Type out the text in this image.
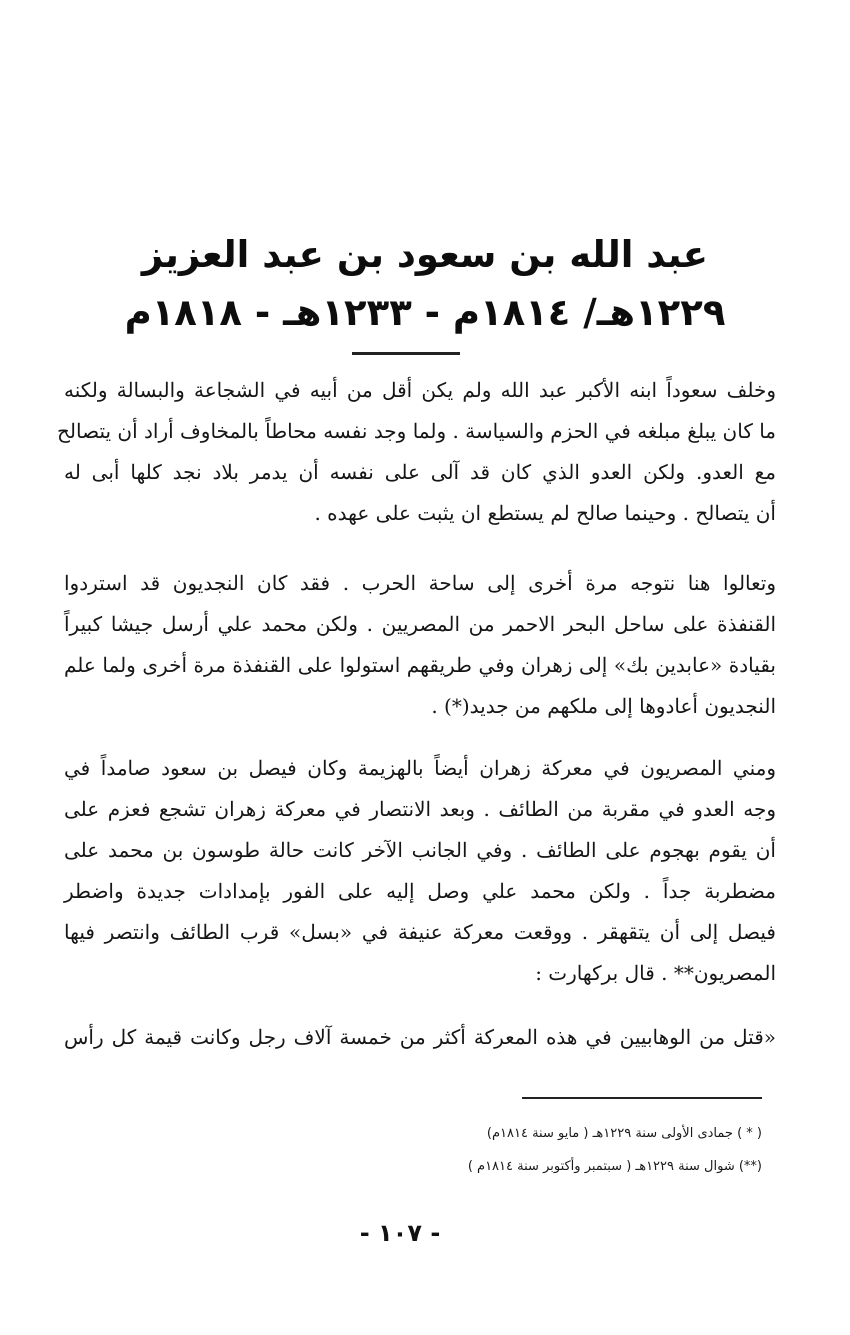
عبد الله بن سعود بن عبد العزيز
١٢٢٩هـ/ ١٨١٤م - ١٢٣٣هـ - ١٨١٨م
وخلف سعوداً ابنه الأكبر عبد الله ولم يكن أقل من أبيه في الشجاعة والبسالة ولكنه
ما كان يبلغ مبلغه في الحزم والسياسة . ولما وجد نفسه محاطاً بالمخاوف أراد أن يتصالح
مع العدو. ولكن العدو الذي كان قد آلى على نفسه أن يدمر بلاد نجد كلها أبى له
أن يتصالح . وحينما صالح لم يستطع ان يثبت على عهده .
وتعالوا هنا نتوجه مرة أخرى إلى ساحة الحرب . فقد كان النجديون قد استردوا
القنفذة على ساحل البحر الاحمر من المصريين . ولكن محمد علي أرسل جيشا كبيراً
بقيادة «عابدين بك» إلى زهران وفي طريقهم استولوا على القنفذة مرة أخرى ولما علم
النجديون أعادوها إلى ملكهم من جديد(*) .
ومني المصريون في معركة زهران أيضاً بالهزيمة وكان فيصل بن سعود صامداً في
وجه العدو في مقربة من الطائف . وبعد الانتصار في معركة زهران تشجع فعزم على
أن يقوم بهجوم على الطائف . وفي الجانب الآخر كانت حالة طوسون بن محمد على
مضطربة جداً . ولكن محمد علي وصل إليه على الفور بإمدادات جديدة واضطر
فيصل إلى أن يتقهقر . ووقعت معركة عنيفة في «بسل» قرب الطائف وانتصر فيها
المصريون** . قال بركهارت :
«قتل من الوهابيين في هذه المعركة أكثر من خمسة آلاف رجل وكانت قيمة كل رأس
( * ) جمادى الأولى سنة ١٢٢٩هـ ( مايو سنة ١٨١٤م)
(**) شوال سنة ١٢٢٩هـ ( سبتمبر وأكتوبر سنة ١٨١٤م )
- ١٠٧ -
